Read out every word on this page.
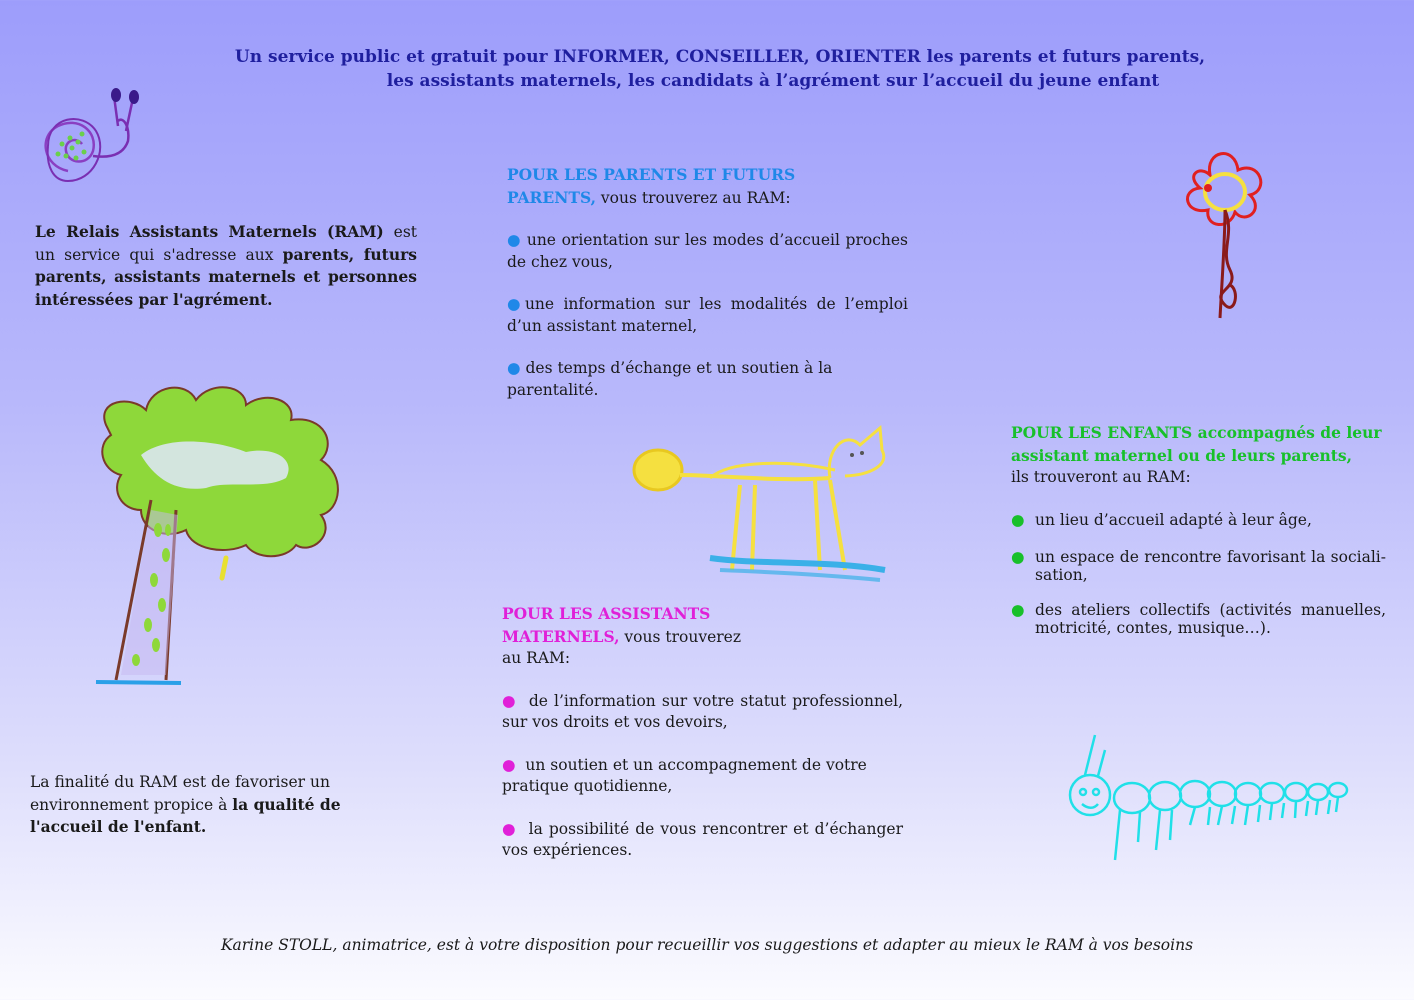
Un service public et gratuit pour INFORMER, CONSEILLER, ORIENTER les parents et futurs parents,
les assistants maternels, les candidats à l’agrément sur l’accueil du jeune enfant
Le Relais Assistants Maternels (RAM) est un service qui s'adresse aux parents, futurs parents, assistants maternels et personnes intéressées par l'agrément.
La finalité du RAM est de favoriser un environnement propice à la qualité de l'accueil de l'enfant.
POUR LES PARENTS ET FUTURS
PARENTS, vous trouverez au RAM:

● une orientation sur les modes d’accueil proches de chez vous,

●une information sur les modalités de l’emploi d’un assistant maternel,

● des temps d’échange et un soutien à la parentalité.

POUR LES ASSISTANTS
MATERNELS, vous trouverez
au RAM:

● de l’information sur votre statut professionnel, sur vos droits et vos devoirs,

● un soutien et un accompagnement de votre pratique quotidienne,

● la possibilité de vous rencontrer et d’échanger vos expériences.

POUR LES ENFANTS accompagnés de leur assistant maternel ou de leurs parents,
ils trouveront au RAM:
● un lieu d’accueil adapté à leur âge,
● un espace de rencontre favorisant la sociali-sation,
● des ateliers collectifs (activités manuelles, motricité, contes, musique…).
Karine STOLL, animatrice, est à votre disposition pour recueillir vos suggestions et adapter au mieux le RAM à vos besoins
